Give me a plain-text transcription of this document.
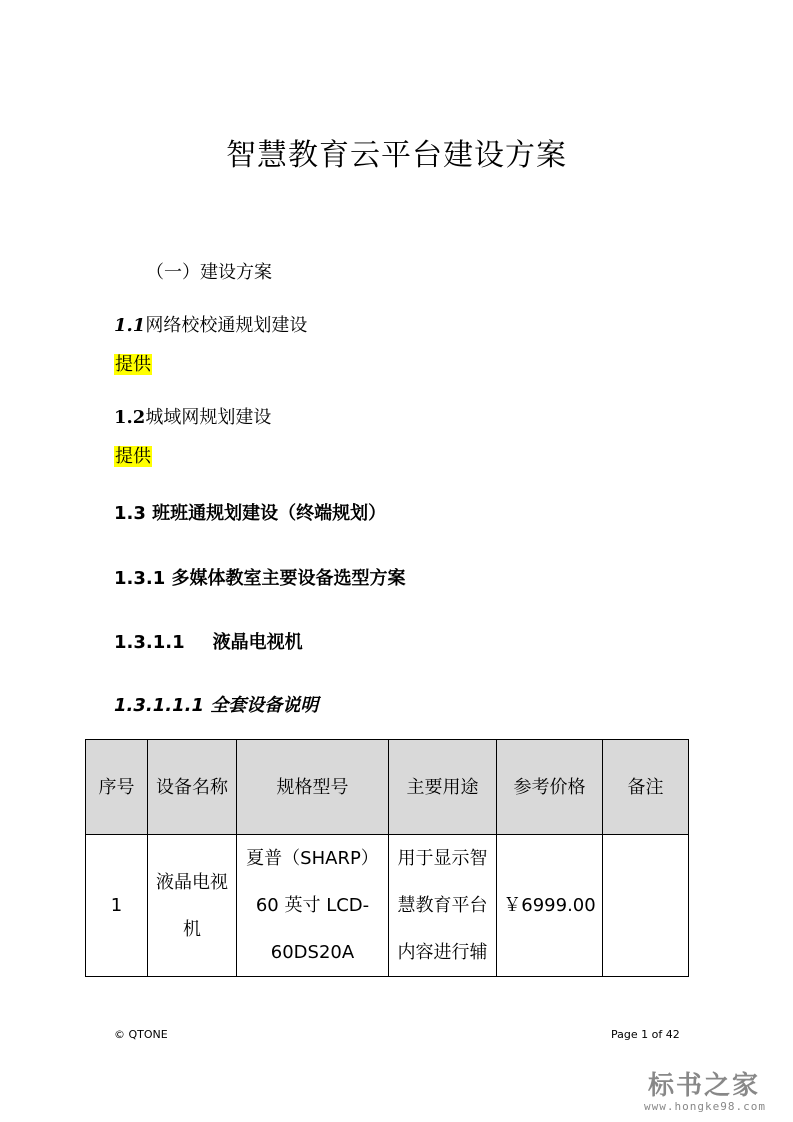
智慧教育云平台建设方案
（一）建设方案
1.1网络校校通规划建设
提供
1.2城域网规划建设
提供
1.3 班班通规划建设（终端规划）
1.3.1 多媒体教室主要设备选型方案
1.3.1.1 液晶电视机
1.3.1.1.1 全套设备说明
序号	设备名称	规格型号	主要用途	参考价格	备注
1	液晶电视机	夏普（SHARP）60 英寸 LCD-60DS20A	用于显示智慧教育平台内容进行辅	￥6999.00	
© QTONE	Page 1 of 42
标书之家
www.hongke98.com
